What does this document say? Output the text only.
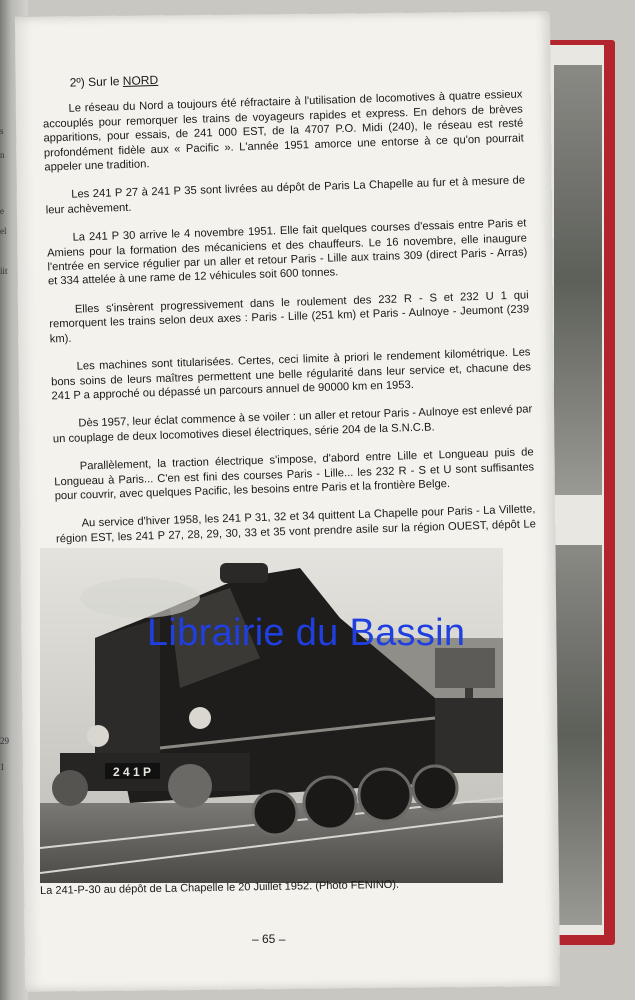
s
n
e
el
iit
29
1
2º) Sur le NORD

Le réseau du Nord a toujours été réfractaire à l'utilisation de locomotives à quatre essieux accouplés pour remorquer les trains de voyageurs rapides et express. En dehors de brèves apparitions, pour essais, de 241 000 EST, de la 4707 P.O. Midi (240), le réseau est resté profondément fidèle aux « Pacific ». L'année 1951 amorce une entorse à ce qu'on pourrait appeler une tradition.

Les 241 P 27 à 241 P 35 sont livrées au dépôt de Paris La Chapelle au fur et à mesure de leur achèvement.

La 241 P 30 arrive le 4 novembre 1951. Elle fait quelques courses d'essais entre Paris et Amiens pour la formation des mécaniciens et des chauffeurs. Le 16 novembre, elle inaugure l'entrée en service régulier par un aller et retour Paris - Lille aux trains 309 (direct Paris - Arras) et 334 attelée à une rame de 12 véhicules soit 600 tonnes.

Elles s'insèrent progressivement dans le roulement des 232 R - S et 232 U 1 qui remorquent les trains selon deux axes : Paris - Lille (251 km) et Paris - Aulnoye - Jeumont (239 km).

Les machines sont titularisées. Certes, ceci limite à priori le rendement kilométrique. Les bons soins de leurs maîtres permettent une belle régularité dans leur service et, chacune des 241 P a approché ou dépassé un parcours annuel de 90000 km en 1953.

Dès 1957, leur éclat commence à se voiler : un aller et retour Paris - Aulnoye est enlevé par un couplage de deux locomotives diesel électriques, série 204 de la S.N.C.B.

Parallèlement, la traction électrique s'impose, d'abord entre Lille et Longueau puis de Longueau à Paris... C'en est fini des courses Paris - Lille... les 232 R - S et U sont suffisantes pour couvrir, avec quelques Pacific, les besoins entre Paris et la frontière Belge.

Au service d'hiver 1958, les 241 P 31, 32 et 34 quittent La Chapelle pour Paris - La Villette, région EST, les 241 P 27, 28, 29, 30, 33 et 35 vont prendre asile sur la région OUEST, dépôt Le

2 4 1 P
Librairie du Bassin
La 241-P-30 au dépôt de La Chapelle le 20 Juillet 1952. (Photo FENINO).
– 65 –
